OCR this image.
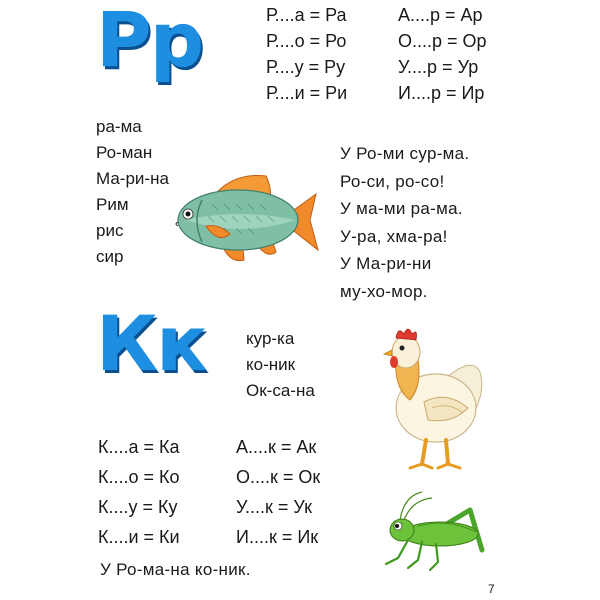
Рр	Р....а = Ра
Р....о = Ро
Р....у = Ру
Р....и = Ри
А....р = Ар
О....р = Ор
У....р = Ур
И....р = Ир
ра-ма
Ро-ман
Ма-ри-на
Рим
рис
сир
У Ро-ми сур-ма.
Ро-си, ро-со!
У ма-ми ра-ма.
У-ра, хма-ра!
У Ма-ри-ни
му-хо-мор.
Кк кур-ка
ко-ник
Ок-са-на
К....а = Ка
К....о = Ко
К....у = Ку
К....и = Ки
А....к = Ак
О....к = Ок
У....к = Ук
И....к = Ик
У Ро-ма-на ко-ник.
7
